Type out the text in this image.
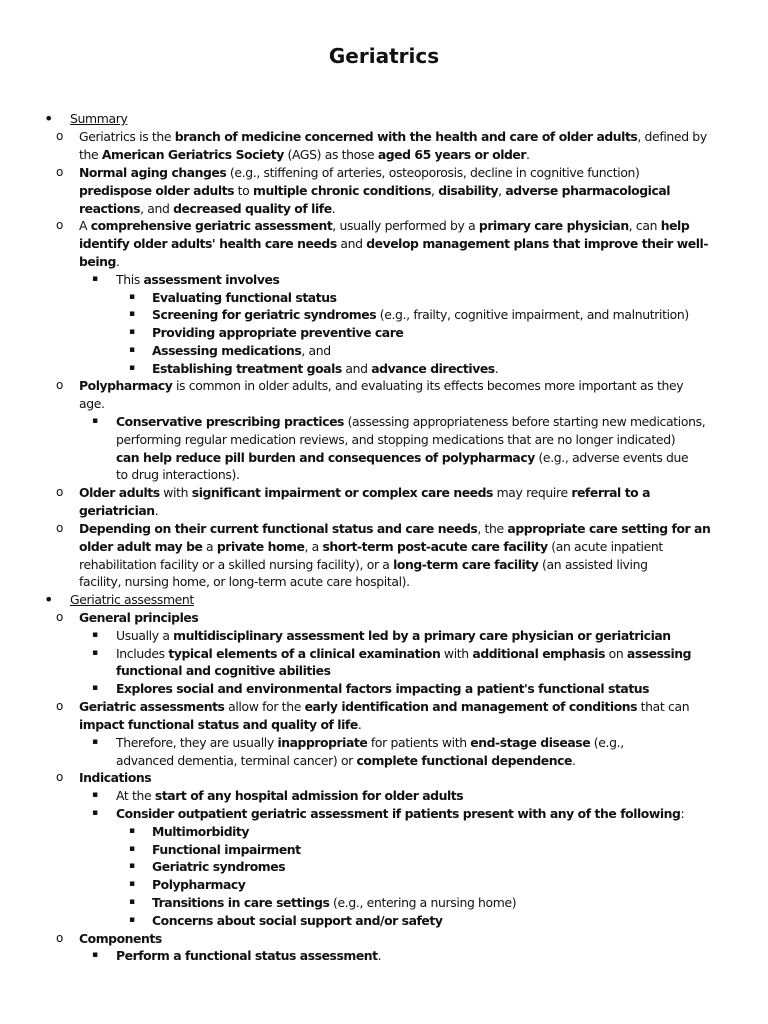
Geriatrics
• Summary
o Geriatrics is the branch of medicine concerned with the health and care of older adults, defined by
the American Geriatrics Society (AGS) as those aged 65 years or older.
o Normal aging changes (e.g., stiffening of arteries, osteoporosis, decline in cognitive function)
predispose older adults to multiple chronic conditions, disability, adverse pharmacological
reactions, and decreased quality of life.
o A comprehensive geriatric assessment, usually performed by a primary care physician, can help
identify older adults' health care needs and develop management plans that improve their well-
being.
▪ This assessment involves
▪ Evaluating functional status
▪ Screening for geriatric syndromes (e.g., frailty, cognitive impairment, and malnutrition)
▪ Providing appropriate preventive care
▪ Assessing medications, and
▪ Establishing treatment goals and advance directives.
o Polypharmacy is common in older adults, and evaluating its effects becomes more important as they
age.
▪ Conservative prescribing practices (assessing appropriateness before starting new medications,
performing regular medication reviews, and stopping medications that are no longer indicated)
can help reduce pill burden and consequences of polypharmacy (e.g., adverse events due
to drug interactions).
o Older adults with significant impairment or complex care needs may require referral to a
geriatrician.
o Depending on their current functional status and care needs, the appropriate care setting for an
older adult may be a private home, a short-term post-acute care facility (an acute inpatient
rehabilitation facility or a skilled nursing facility), or a long-term care facility (an assisted living
facility, nursing home, or long-term acute care hospital).
• Geriatric assessment
o General principles
▪ Usually a multidisciplinary assessment led by a primary care physician or geriatrician
▪ Includes typical elements of a clinical examination with additional emphasis on assessing
functional and cognitive abilities
▪ Explores social and environmental factors impacting a patient's functional status
o Geriatric assessments allow for the early identification and management of conditions that can
impact functional status and quality of life.
▪ Therefore, they are usually inappropriate for patients with end-stage disease (e.g.,
advanced dementia, terminal cancer) or complete functional dependence.
o Indications
▪ At the start of any hospital admission for older adults
▪ Consider outpatient geriatric assessment if patients present with any of the following:
▪ Multimorbidity
▪ Functional impairment
▪ Geriatric syndromes
▪ Polypharmacy
▪ Transitions in care settings (e.g., entering a nursing home)
▪ Concerns about social support and/or safety
o Components
▪ Perform a functional status assessment.
